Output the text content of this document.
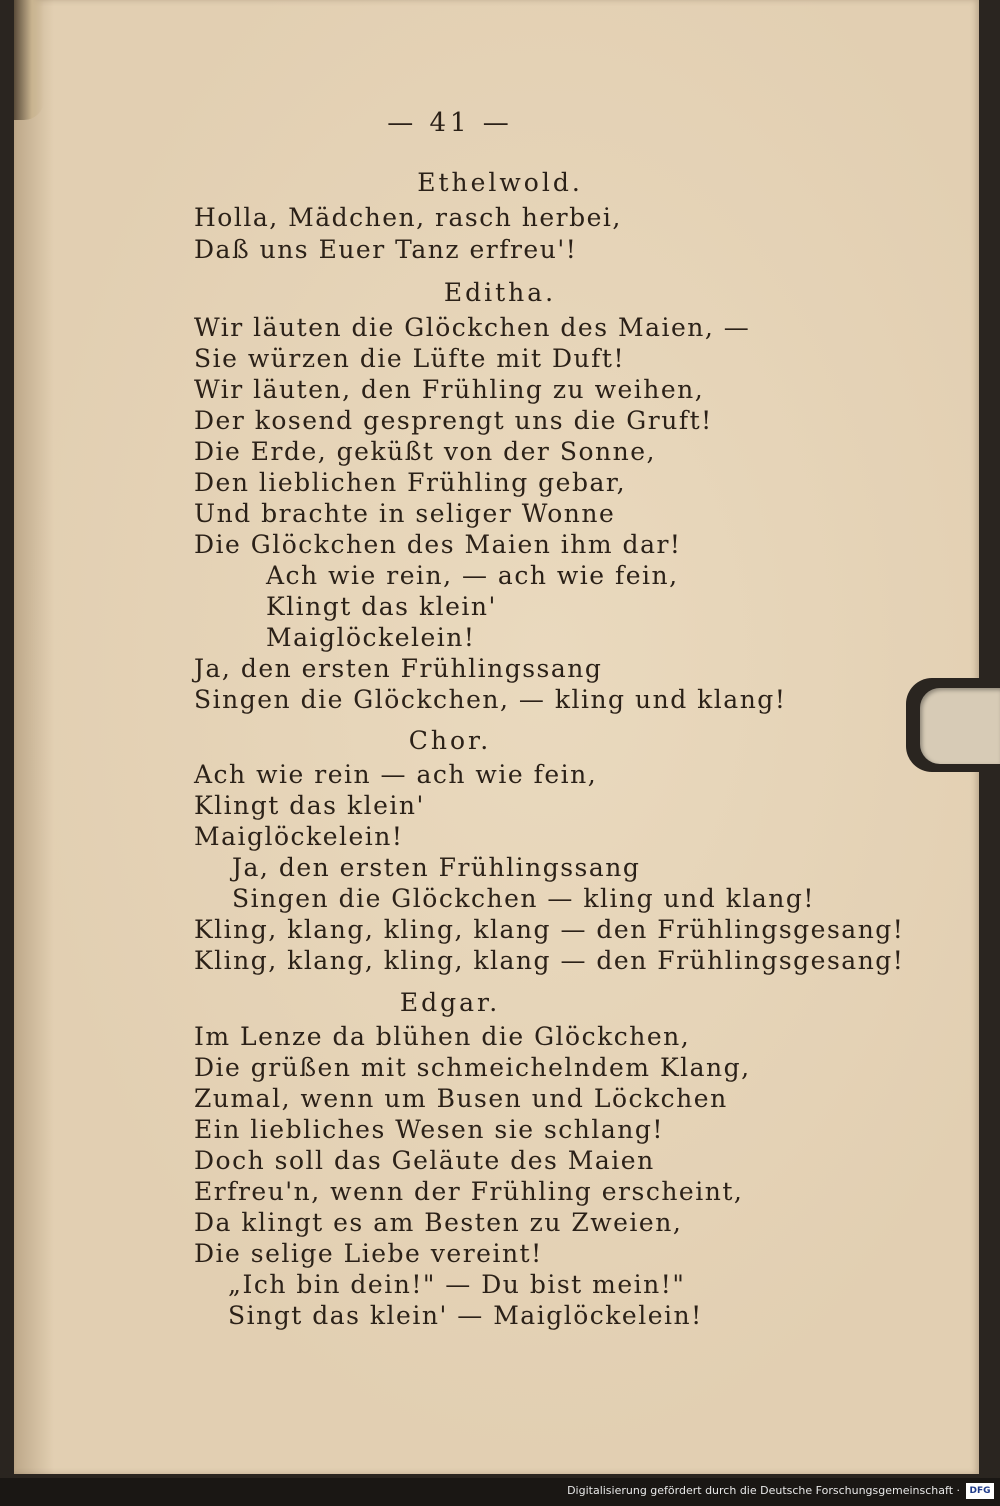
— 41 —
Ethelwold.
Holla, Mädchen, rasch herbei,
Daß uns Euer Tanz erfreu'!
Editha.
Wir läuten die Glöckchen des Maien, —
Sie würzen die Lüfte mit Duft!
Wir läuten, den Frühling zu weihen,
Der kosend gesprengt uns die Gruft!
Die Erde, geküßt von der Sonne,
Den lieblichen Frühling gebar,
Und brachte in seliger Wonne
Die Glöckchen des Maien ihm dar!
Ach wie rein, — ach wie fein,
Klingt das klein'
Maiglöckelein!
Ja, den ersten Frühlingssang
Singen die Glöckchen, — kling und klang!
Chor.
Ach wie rein — ach wie fein,
Klingt das klein'
Maiglöckelein!
Ja, den ersten Frühlingssang
Singen die Glöckchen — kling und klang!
Kling, klang, kling, klang — den Frühlingsgesang!
Kling, klang, kling, klang — den Frühlingsgesang!
Edgar.
Im Lenze da blühen die Glöckchen,
Die grüßen mit schmeichelndem Klang,
Zumal, wenn um Busen und Löckchen
Ein liebliches Wesen sie schlang!
Doch soll das Geläute des Maien
Erfreu'n, wenn der Frühling erscheint,
Da klingt es am Besten zu Zweien,
Die selige Liebe vereint!
„Ich bin dein!" — Du bist mein!"
Singt das klein' — Maiglöckelein!
Digitalisierung gefördert durch die Deutsche Forschungsgemeinschaft ·	DFG
